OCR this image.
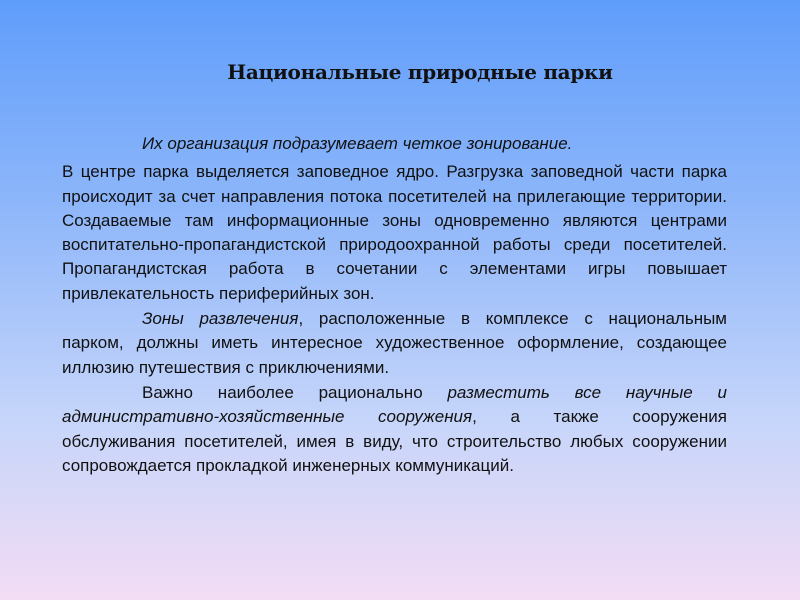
Национальные природные парки

Их организация подразумевает четкое зонирование.

В центре парка выделяется заповедное ядро. Разгрузка заповедной части парка происходит за счет направления потока посетителей на прилегающие территории. Создаваемые там информационные зоны одновременно являются центрами воспитательно-пропагандистской природоохранной работы среди посетителей. Пропагандистская работа в сочетании с элементами игры повышает привлекательность периферийных зон.

Зоны развлечения, расположенные в комплексе с национальным парком, должны иметь интересное художественное оформление, создающее иллюзию путешествия с приключениями.

Важно наиболее рационально разместить все научные и административно-хозяйственные сооружения, а также сооружения обслуживания посетителей, имея в виду, что строительство любых сооружении сопровождается прокладкой инженерных коммуникаций.
